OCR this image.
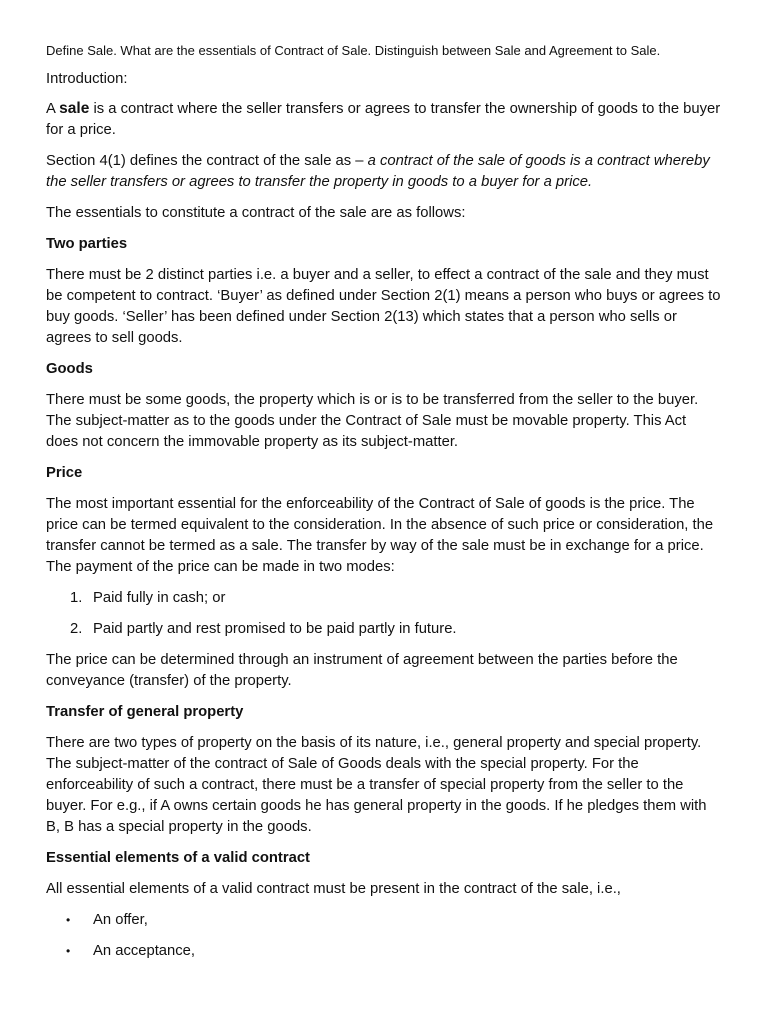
Define Sale. What are the essentials of Contract of Sale. Distinguish between Sale and Agreement to Sale.

Introduction:

A sale is a contract where the seller transfers or agrees to transfer the ownership of goods to the buyer for a price.

Section 4(1) defines the contract of the sale as – a contract of the sale of goods is a contract whereby the seller transfers or agrees to transfer the property in goods to a buyer for a price.

The essentials to constitute a contract of the sale are as follows:

Two parties

There must be 2 distinct parties i.e. a buyer and a seller, to effect a contract of the sale and they must be competent to contract. ‘Buyer’ as defined under Section 2(1) means a person who buys or agrees to buy goods. ‘Seller’ has been defined under Section 2(13) which states that a person who sells or agrees to sell goods.

Goods

There must be some goods, the property which is or is to be transferred from the seller to the buyer. The subject-matter as to the goods under the Contract of Sale must be movable property. This Act does not concern the immovable property as its subject-matter.

Price

The most important essential for the enforceability of the Contract of Sale of goods is the price. The price can be termed equivalent to the consideration. In the absence of such price or consideration, the transfer cannot be termed as a sale. The transfer by way of the sale must be in exchange for a price. The payment of the price can be made in two modes:

1. Paid fully in cash; or
2. Paid partly and rest promised to be paid partly in future.

The price can be determined through an instrument of agreement between the parties before the conveyance (transfer) of the property.

Transfer of general property

There are two types of property on the basis of its nature, i.e., general property and special property. The subject-matter of the contract of Sale of Goods deals with the special property. For the enforceability of such a contract, there must be a transfer of special property from the seller to the buyer. For e.g., if A owns certain goods he has general property in the goods. If he pledges them with B, B has a special property in the goods.

Essential elements of a valid contract

All essential elements of a valid contract must be present in the contract of the sale, i.e.,

• An offer,
• An acceptance,
